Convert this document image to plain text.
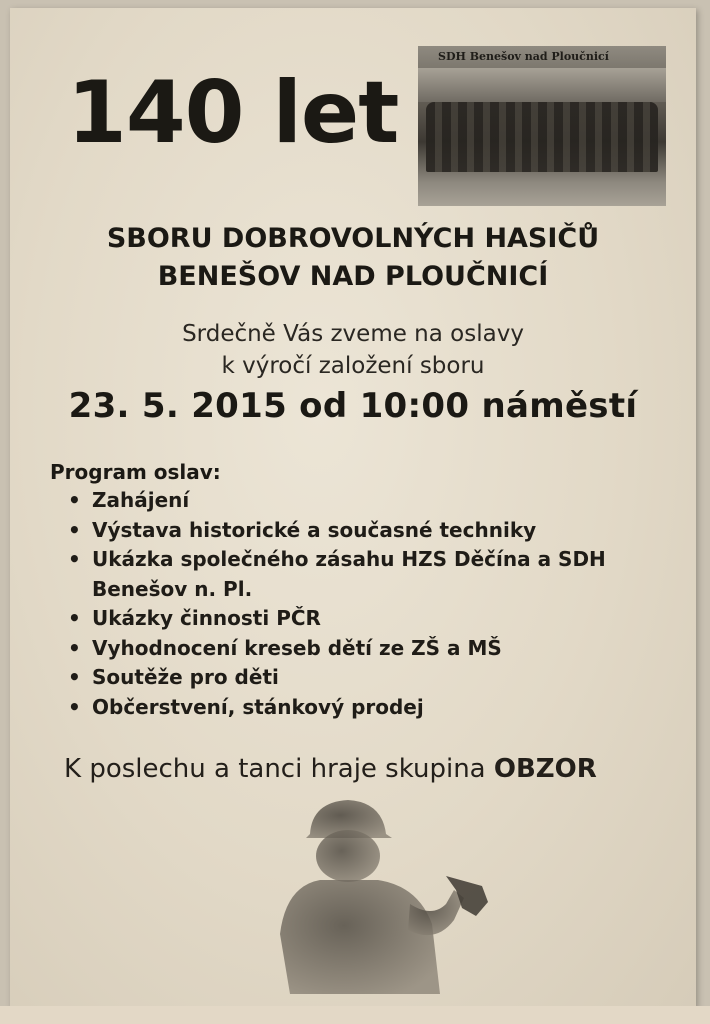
140 let
SDH Benešov nad Ploučnicí
SBORU DOBROVOLNÝCH HASIČŮ
BENEŠOV NAD PLOUČNICÍ
Srdečně Vás zveme na oslavy
k výročí založení sboru
23. 5. 2015 od 10:00 náměstí
Program oslav:
• Zahájení
• Výstava historické a současné techniky
• Ukázka společného zásahu HZS Děčína a SDH Benešov n. Pl.
• Ukázky činnosti PČR
• Vyhodnocení kreseb dětí ze ZŠ a MŠ
• Soutěže pro děti
• Občerstvení, stánkový prodej
K poslechu a tanci hraje skupina OBZOR
